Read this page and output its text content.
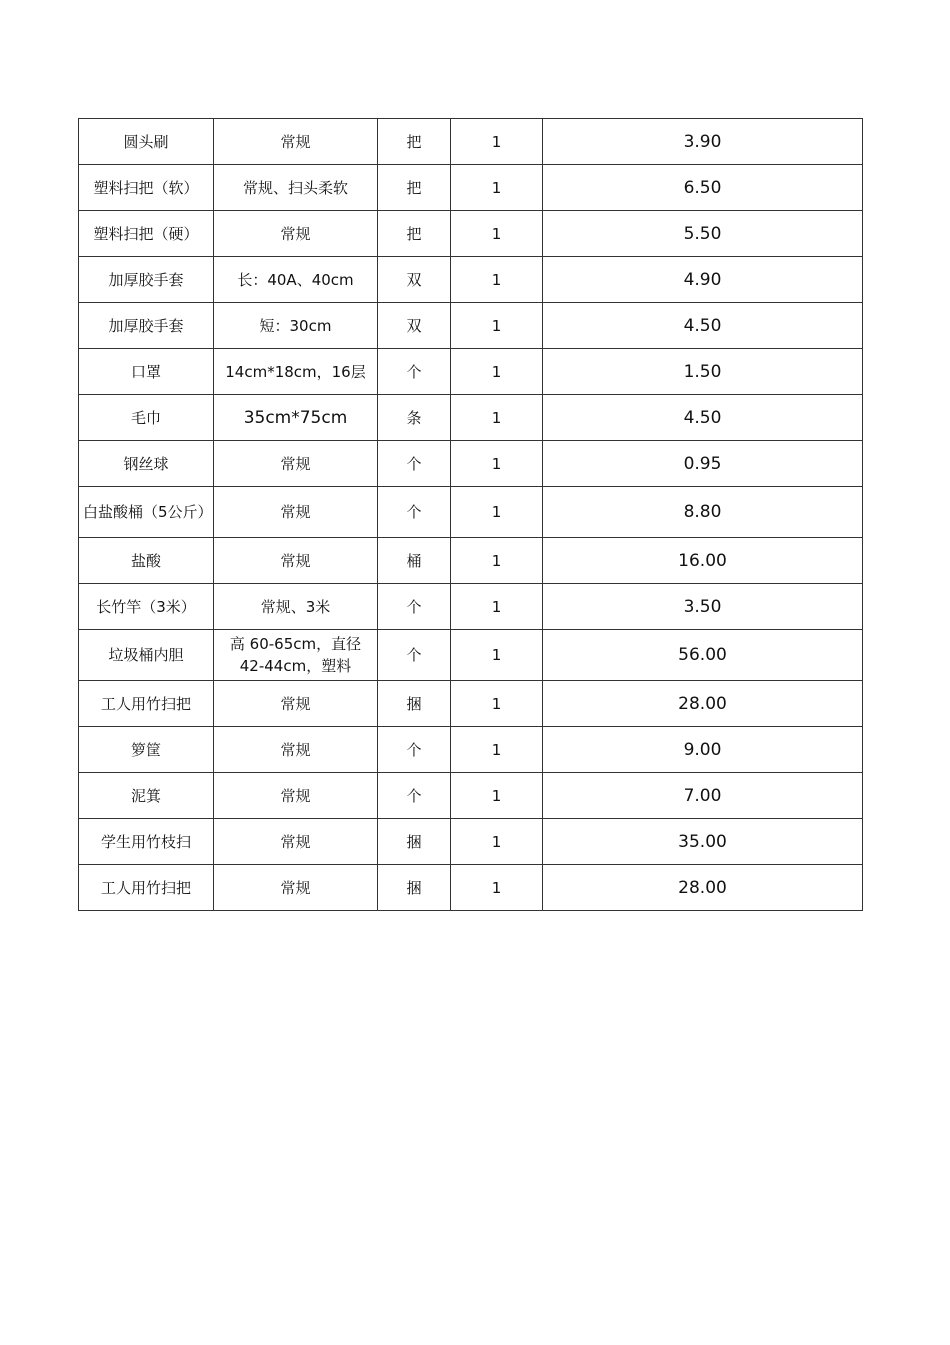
圆头刷	常规	把	1	3.90
塑料扫把（软）	常规、扫头柔软	把	1	6.50
塑料扫把（硬）	常规	把	1	5.50
加厚胶手套	长：40A、40cm	双	1	4.90
加厚胶手套	短：30cm	双	1	4.50
口罩	14cm*18cm，16层	个	1	1.50
毛巾	35cm*75cm	条	1	4.50
钢丝球	常规	个	1	0.95
白盐酸桶（5公斤）	常规	个	1	8.80
盐酸	常规	桶	1	16.00
长竹竿（3米）	常规、3米	个	1	3.50
垃圾桶内胆	高 60-65cm，直径 42-44cm，塑料	个	1	56.00
工人用竹扫把	常规	捆	1	28.00
箩筐	常规	个	1	9.00
泥箕	常规	个	1	7.00
学生用竹枝扫	常规	捆	1	35.00
工人用竹扫把	常规	捆	1	28.00
